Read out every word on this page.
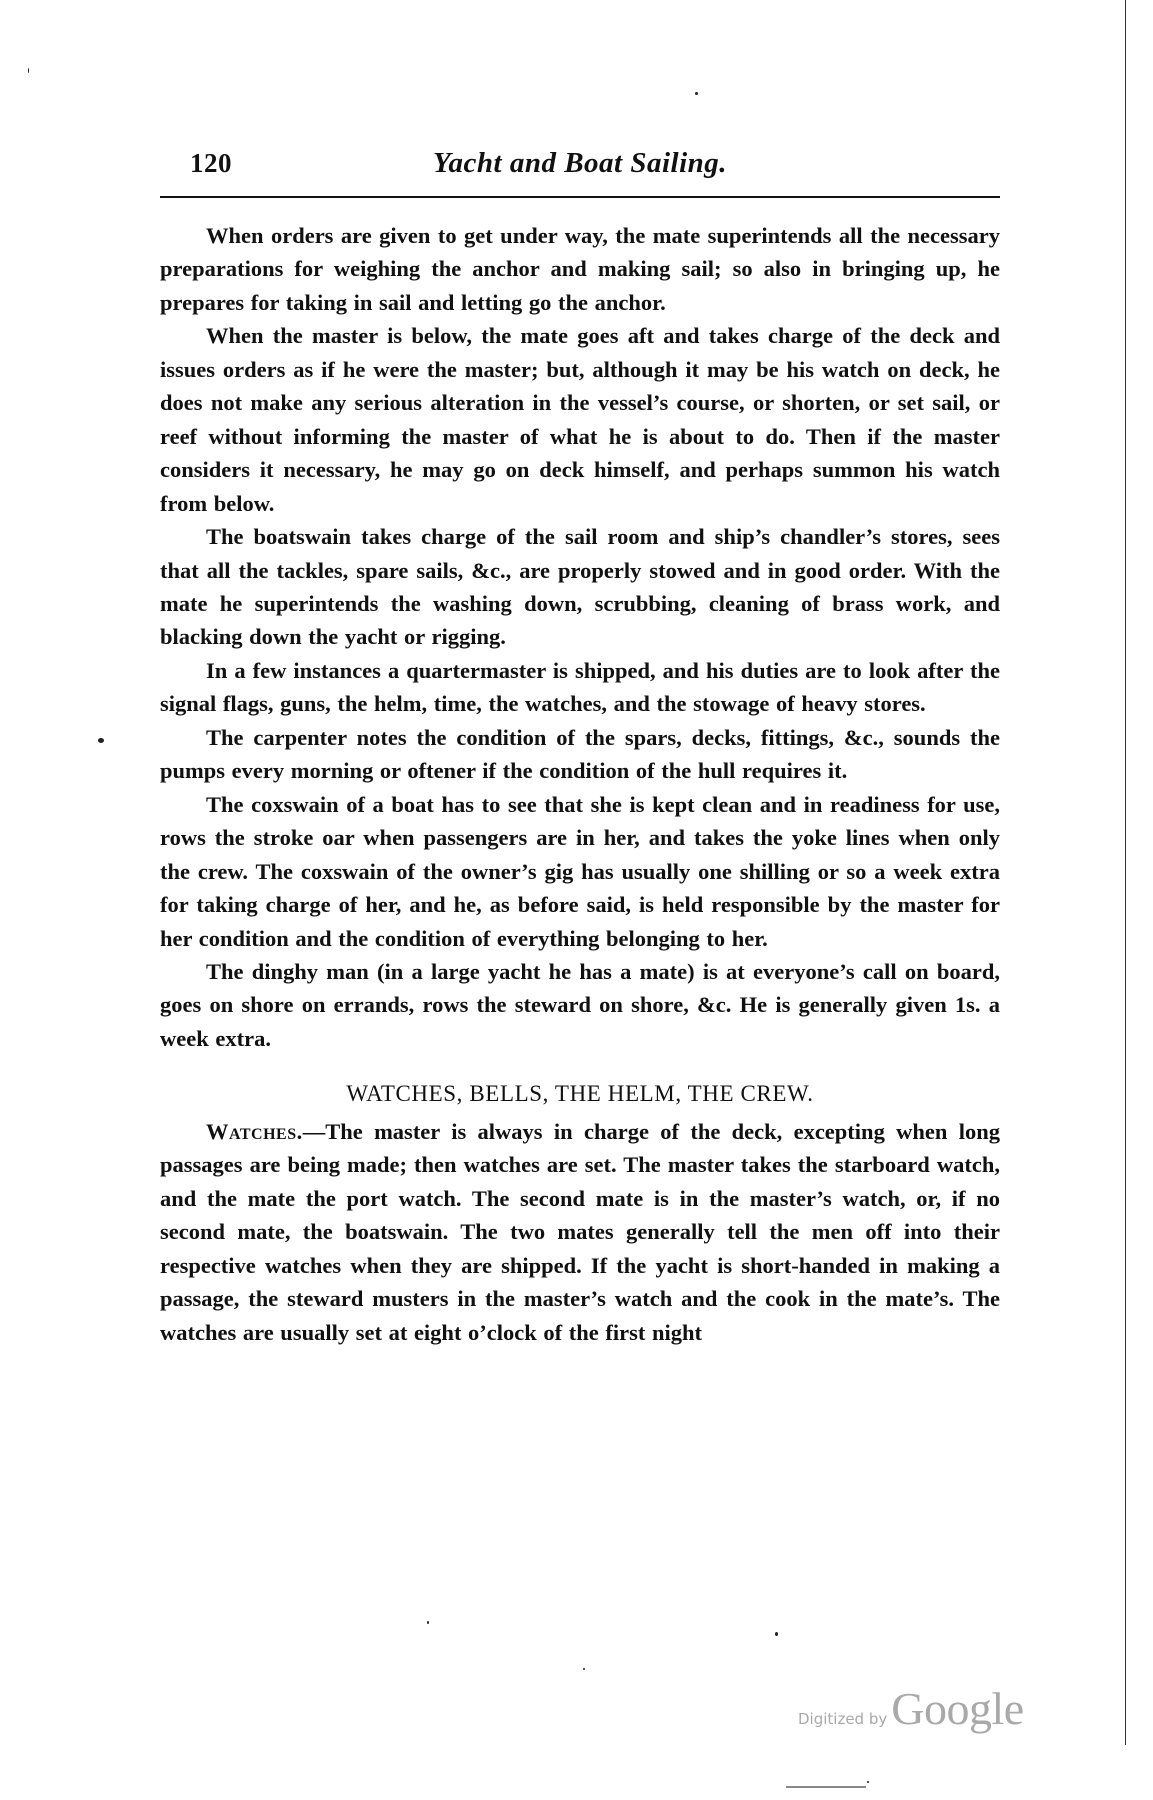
120	Yacht and Boat Sailing.

When orders are given to get under way, the mate superintends all the necessary preparations for weighing the anchor and making sail; so also in bringing up, he prepares for taking in sail and letting go the anchor.

When the master is below, the mate goes aft and takes charge of the deck and issues orders as if he were the master; but, although it may be his watch on deck, he does not make any serious alteration in the vessel’s course, or shorten, or set sail, or reef without informing the master of what he is about to do. Then if the master considers it necessary, he may go on deck himself, and perhaps summon his watch from below.

The boatswain takes charge of the sail room and ship’s chandler’s stores, sees that all the tackles, spare sails, &c., are properly stowed and in good order. With the mate he superintends the washing down, scrubbing, cleaning of brass work, and blacking down the yacht or rigging.

In a few instances a quartermaster is shipped, and his duties are to look after the signal flags, guns, the helm, time, the watches, and the stowage of heavy stores.

The carpenter notes the condition of the spars, decks, fittings, &c., sounds the pumps every morning or oftener if the condition of the hull requires it.

The coxswain of a boat has to see that she is kept clean and in readiness for use, rows the stroke oar when passengers are in her, and takes the yoke lines when only the crew. The coxswain of the owner’s gig has usually one shilling or so a week extra for taking charge of her, and he, as before said, is held responsible by the master for her condition and the condition of everything belonging to her.

The dinghy man (in a large yacht he has a mate) is at everyone’s call on board, goes on shore on errands, rows the steward on shore, &c. He is generally given 1s. a week extra.

WATCHES, BELLS, THE HELM, THE CREW.

Watches.—The master is always in charge of the deck, excepting when long passages are being made; then watches are set. The master takes the starboard watch, and the mate the port watch. The second mate is in the master’s watch, or, if no second mate, the boatswain. The two mates generally tell the men off into their respective watches when they are shipped. If the yacht is short-handed in making a passage, the steward musters in the master’s watch and the cook in the mate’s. The watches are usually set at eight o’clock of the first night

Digitized by Google
